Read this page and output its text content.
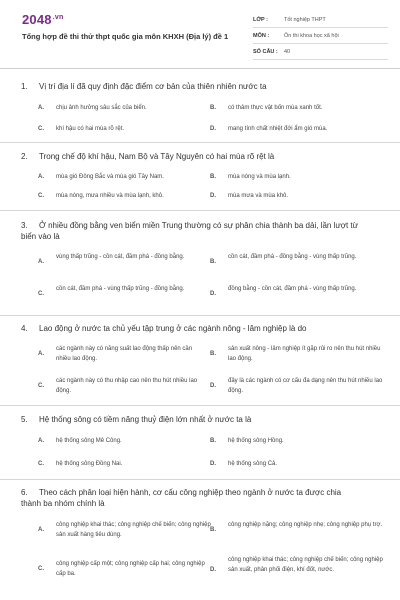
$2048^{.vn}$
Tổng hợp đề thi thử thpt quốc gia môn KHXH (Địa lý) đề 1
LỚP :	Tốt nghiệp THPT
MÔN :	Ôn thi khoa học xã hội
SỐ CÂU :	40
1. Vị trí địa lí đã quy định đặc điểm cơ bản của thiên nhiên nước ta
A. chịu ảnh hưởng sâu sắc của biển.	B. có thảm thực vật bốn mùa xanh tốt.
C. khí hậu có hai mùa rõ rệt.	D. mang tính chất nhiệt đới ẩm gió mùa.
2. Trong chế độ khí hậu, Nam Bộ và Tây Nguyên có hai mùa rõ rệt là
A. mùa gió Đông Bắc và mùa gió Tây Nam.	B. mùa nóng và mùa lạnh.
C. mùa nóng, mưa nhiều và mùa lạnh, khô.	D. mùa mưa và mùa khô.
3. Ở nhiều đồng bằng ven biển miền Trung thường có sự phân chia thành ba dải, lần lượt từ biển vào là
A.
vùng thấp trũng - cồn cát, đầm phá - đồng bằng.
B.
cồn cát, đầm phá - đồng bằng - vùng thấp trũng.
C.
cồn cát, đầm phá - vùng thấp trũng - đồng bằng.
D.
đồng bằng - cồn cát, đầm phá - vùng thấp trũng.
4. Lao động ở nước ta chủ yếu tập trung ở các ngành nông - lâm nghiệp là do
A.
các ngành này có năng suất lao động thấp nên cần nhiều lao động.
B.
sản xuất nông - lâm nghiệp ít gặp rủi ro nên thu hút nhiều lao động.
C.
các ngành này có thu nhập cao nên thu hút nhiều lao động.
D.
đây là các ngành có cơ cấu đa dạng nên thu hút nhiều lao động.
5. Hệ thống sông có tiềm năng thuỷ điện lớn nhất ở nước ta là
A. hệ thống sông Mê Công.	B. hệ thống sông Hồng.
C. hệ thống sông Đồng Nai.	D. hệ thống sông Cả.
6. Theo cách phân loại hiện hành, cơ cấu công nghiệp theo ngành ở nước ta được chia thành ba nhóm chính là
A.
công nghiệp khai thác; công nghiệp chế biến; công nghiệp sản xuất hàng tiêu dùng.
B.
công nghiệp nặng; công nghiệp nhẹ; công nghiệp phụ trợ.
C.
công nghiệp cấp một; công nghiệp cấp hai; công nghiệp cấp ba.
D.
công nghiệp khai thác; công nghiệp chế biến; công nghiệp sản xuất, phân phối điện, khí đốt, nước.
